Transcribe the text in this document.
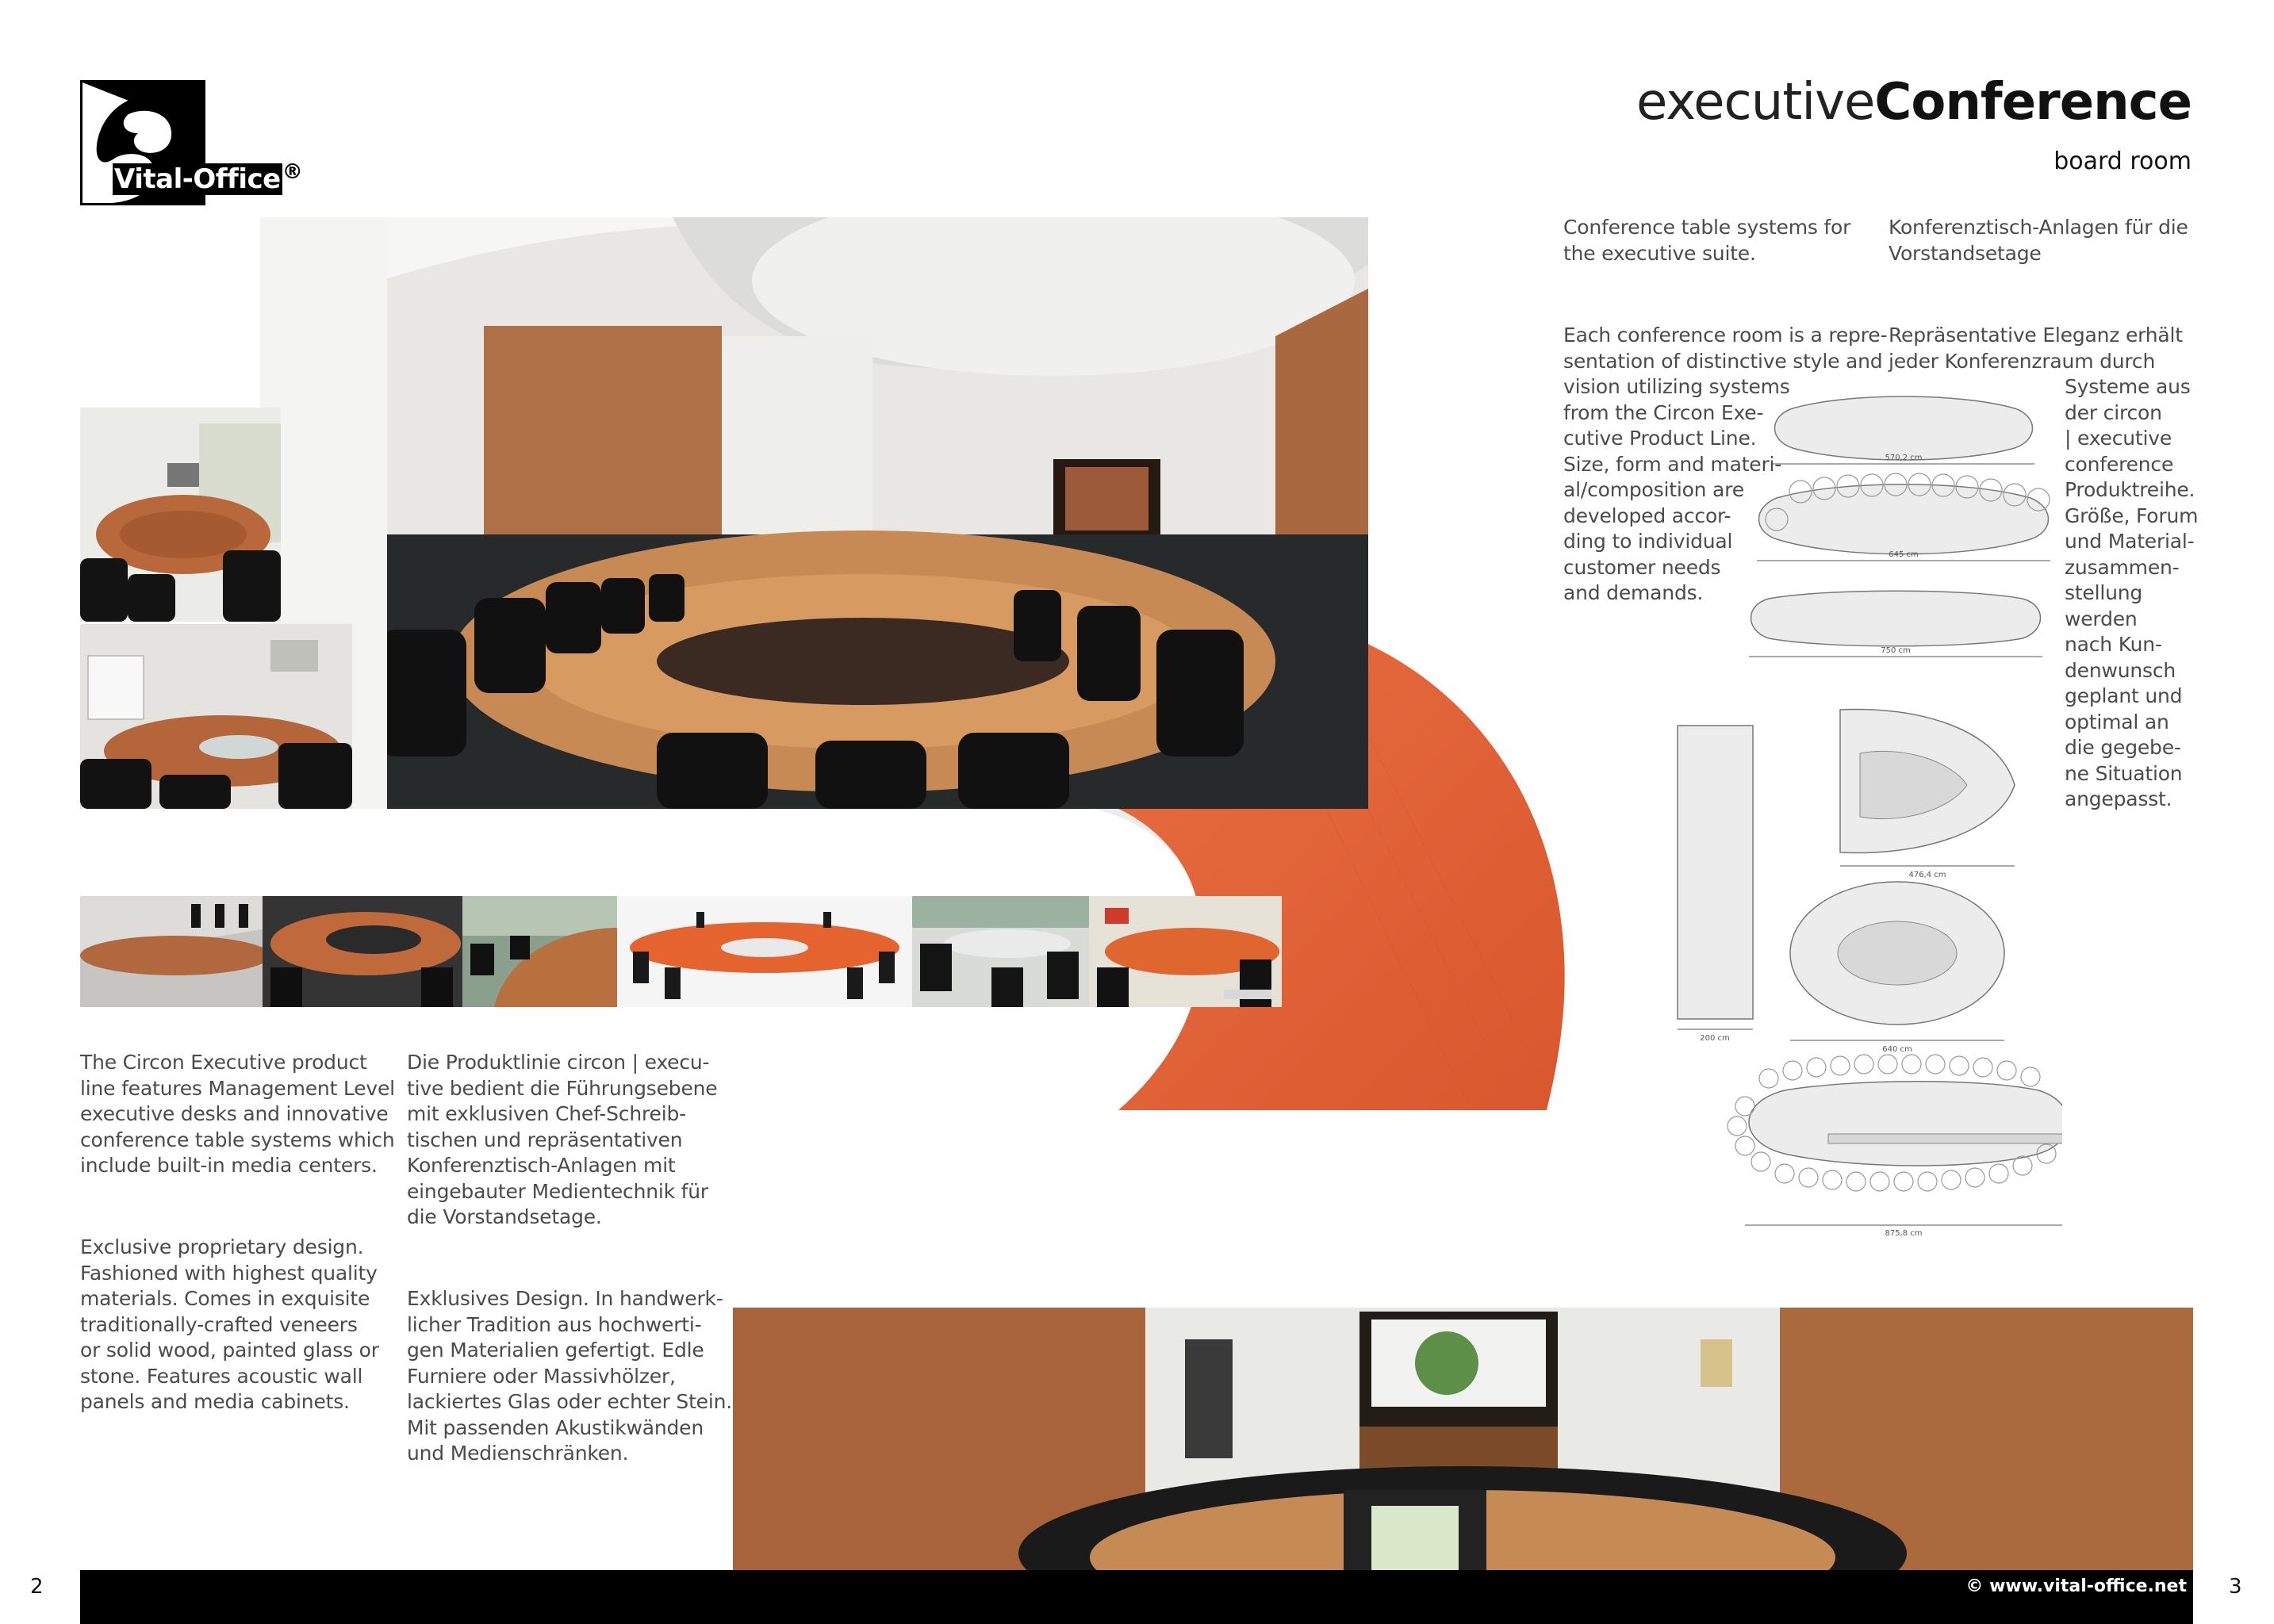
Vital-Office®
executiveConference
board room
Conference table systems for
the executive suite.
Konferenztisch-Anlagen für die
Vorstandsetage
Each conference room is a repre-
sentation of distinctive style and
vision utilizing systems
from the Circon Exe-
cutive Product Line.
Size, form and materi-
al/composition are
developed accor-
ding to individual
customer needs
and demands.
Repräsentative Eleganz erhält
jeder Konferenzraum durch
Systeme aus
der circon
| executive
conference
Produktreihe.
Größe, Forum
und Material-
zusammen-
stellung
werden
nach Kun-
denwunsch
geplant und
optimal an
die gegebe-
ne Situation
angepasst.
570,2 cm
645 cm
750 cm
200 cm
476,4 cm
640 cm
875,8 cm
The Circon Executive product
line features Management Level
executive desks and innovative
conference table systems which
include built-in media centers.
Exclusive proprietary design.
Fashioned with highest quality
materials. Comes in exquisite
traditionally-crafted veneers
or solid wood, painted glass or
stone. Features acoustic wall
panels and media cabinets.
Die Produktlinie circon | execu-
tive bedient die Führungsebene
mit exklusiven Chef-Schreib-
tischen und repräsentativen
Konferenztisch-Anlagen mit
eingebauter Medientechnik für
die Vorstandsetage.
Exklusives Design. In handwerk-
licher Tradition aus hochwerti-
gen Materialien gefertigt. Edle
Furniere oder Massivhölzer,
lackiertes Glas oder echter Stein.
Mit passenden Akustikwänden
und Medienschränken.
2	© www.vital-office.net 3
